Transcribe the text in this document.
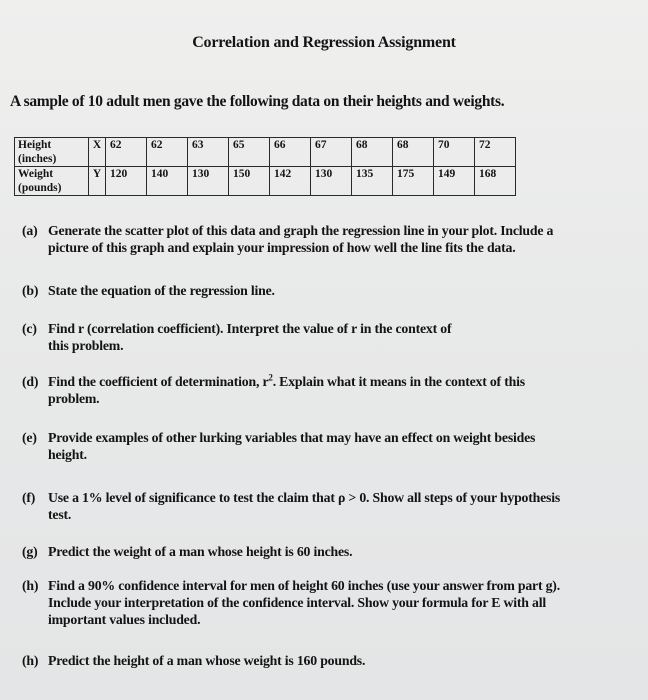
Correlation and Regression Assignment
A sample of 10 adult men gave the following data on their heights and weights.
Height
(inches)	X	62	62	63	65	66	67	68	68	70	72

Weight
(pounds)	Y	120	140	130	150	142	130	135	175	149	168
(a) Generate the scatter plot of this data and graph the regression line in your plot. Include a
picture of this graph and explain your impression of how well the line fits the data.
(b) State the equation of the regression line.
(c) Find r (correlation coefficient). Interpret the value of r in the context of
this problem.
(d) Find the coefficient of determination, $r^2$. Explain what it means in the context of this
problem.
(e) Provide examples of other lurking variables that may have an effect on weight besides
height.
(f) Use a 1% level of significance to test the claim that ρ > 0. Show all steps of your hypothesis
test.
(g) Predict the weight of a man whose height is 60 inches.
(h) Find a 90% confidence interval for men of height 60 inches (use your answer from part g).
Include your interpretation of the confidence interval. Show your formula for E with all
important values included.
(h) Predict the height of a man whose weight is 160 pounds.
